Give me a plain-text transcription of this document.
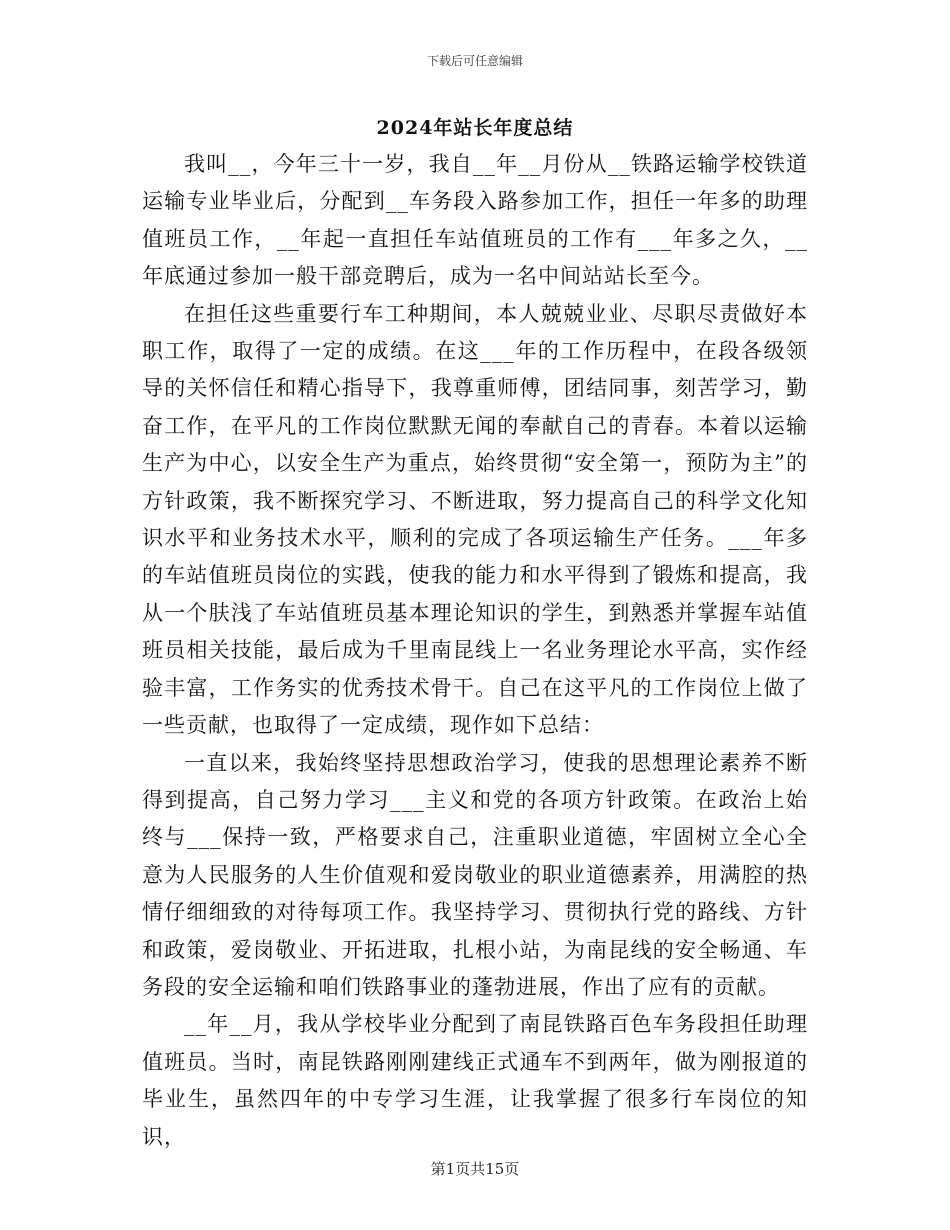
下载后可任意编辑
2024年站长年度总结

我叫__，今年三十一岁，我自__年__月份从__铁路运输学校铁道运输专业毕业后，分配到__车务段入路参加工作，担任一年多的助理值班员工作，__年起一直担任车站值班员的工作有___年多之久，__年底通过参加一般干部竞聘后，成为一名中间站站长至今。

在担任这些重要行车工种期间，本人兢兢业业、尽职尽责做好本职工作，取得了一定的成绩。在这___年的工作历程中，在段各级领导的关怀信任和精心指导下，我尊重师傅，团结同事，刻苦学习，勤奋工作，在平凡的工作岗位默默无闻的奉献自己的青春。本着以运输生产为中心，以安全生产为重点，始终贯彻“安全第一，预防为主”的方针政策，我不断探究学习、不断进取，努力提高自己的科学文化知识水平和业务技术水平，顺利的完成了各项运输生产任务。___年多的车站值班员岗位的实践，使我的能力和水平得到了锻炼和提高，我从一个肤浅了车站值班员基本理论知识的学生，到熟悉并掌握车站值班员相关技能，最后成为千里南昆线上一名业务理论水平高，实作经验丰富，工作务实的优秀技术骨干。自己在这平凡的工作岗位上做了一些贡献，也取得了一定成绩，现作如下总结：

一直以来，我始终坚持思想政治学习，使我的思想理论素养不断得到提高，自己努力学习___主义和党的各项方针政策。在政治上始终与___保持一致，严格要求自己，注重职业道德，牢固树立全心全意为人民服务的人生价值观和爱岗敬业的职业道德素养，用满腔的热情仔细细致的对待每项工作。我坚持学习、贯彻执行党的路线、方针和政策，爱岗敬业、开拓进取，扎根小站，为南昆线的安全畅通、车务段的安全运输和咱们铁路事业的蓬勃进展，作出了应有的贡献。

__年__月，我从学校毕业分配到了南昆铁路百色车务段担任助理值班员。当时，南昆铁路刚刚建线正式通车不到两年，做为刚报道的毕业生，虽然四年的中专学习生涯，让我掌握了很多行车岗位的知识，

第1页共15页
